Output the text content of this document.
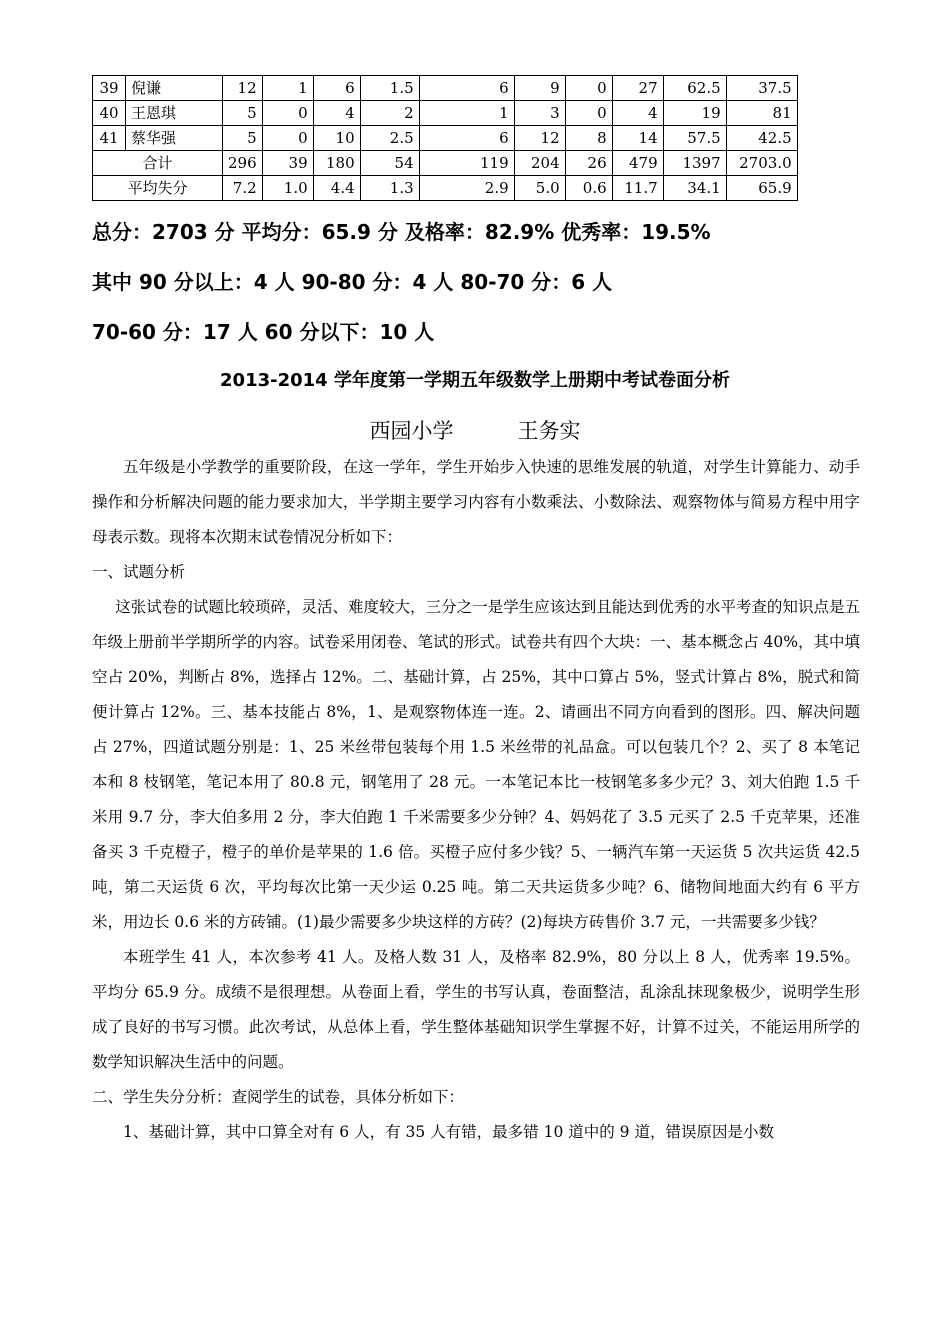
39	倪谦	12	1	6	1.5	6	9	0	27	62.5	37.5
40	王恩琪	5	0	4	2	1	3	0	4	19	81
41	蔡华强	5	0	10	2.5	6	12	8	14	57.5	42.5
合计		296	39	180	54	119	204	26	479	1397	2703.0
平均失分		7.2	1.0	4.4	1.3	2.9	5.0	0.6	11.7	34.1	65.9
总分：2703 分 平均分：65.9 分 及格率：82.9% 优秀率：19.5%
其中 90 分以上：4 人 90-80 分：4 人 80-70 分：6 人
70-60 分：17 人 60 分以下：10 人
2013-2014 学年度第一学期五年级数学上册期中考试卷面分析
西园小学	王务实

五年级是小学教学的重要阶段，在这一学年，学生开始步入快速的思维发展的轨道，对学生计算能力、动手操作和分析解决问题的能力要求加大，半学期主要学习内容有小数乘法、小数除法、观察物体与简易方程中用字母表示数。现将本次期末试卷情况分析如下：

一、试题分析

这张试卷的试题比较琐碎，灵活、难度较大，三分之一是学生应该达到且能达到优秀的水平考查的知识点是五年级上册前半学期所学的内容。试卷采用闭卷、笔试的形式。试卷共有四个大块：一、基本概念占 40%，其中填空占 20%，判断占 8%，选择占 12%。二、基础计算，占 25%，其中口算占 5%，竖式计算占 8%，脱式和简便计算占 12%。三、基本技能占 8%，1、是观察物体连一连。2、请画出不同方向看到的图形。四、解决问题占 27%，四道试题分别是：1、25 米丝带包装每个用 1.5 米丝带的礼品盒。可以包装几个？2、买了 8 本笔记本和 8 枝钢笔，笔记本用了 80.8 元，钢笔用了 28 元。一本笔记本比一枝钢笔多多少元？3、刘大伯跑 1.5 千米用 9.7 分，李大伯多用 2 分，李大伯跑 1 千米需要多少分钟？4、妈妈花了 3.5 元买了 2.5 千克苹果，还准备买 3 千克橙子，橙子的单价是苹果的 1.6 倍。买橙子应付多少钱？5、一辆汽车第一天运货 5 次共运货 42.5 吨，第二天运货 6 次，平均每次比第一天少运 0.25 吨。第二天共运货多少吨？6、储物间地面大约有 6 平方米，用边长 0.6 米的方砖铺。(1)最少需要多少块这样的方砖？(2)每块方砖售价 3.7 元，一共需要多少钱？

本班学生 41 人，本次参考 41 人。及格人数 31 人，及格率 82.9%，80 分以上 8 人，优秀率 19.5%。平均分 65.9 分。成绩不是很理想。从卷面上看，学生的书写认真，卷面整洁，乱涂乱抹现象极少，说明学生形成了良好的书写习惯。此次考试，从总体上看，学生整体基础知识学生掌握不好，计算不过关，不能运用所学的数学知识解决生活中的问题。

二、学生失分分析：查阅学生的试卷，具体分析如下：

1、基础计算，其中口算全对有 6 人，有 35 人有错，最多错 10 道中的 9 道，错误原因是小数
